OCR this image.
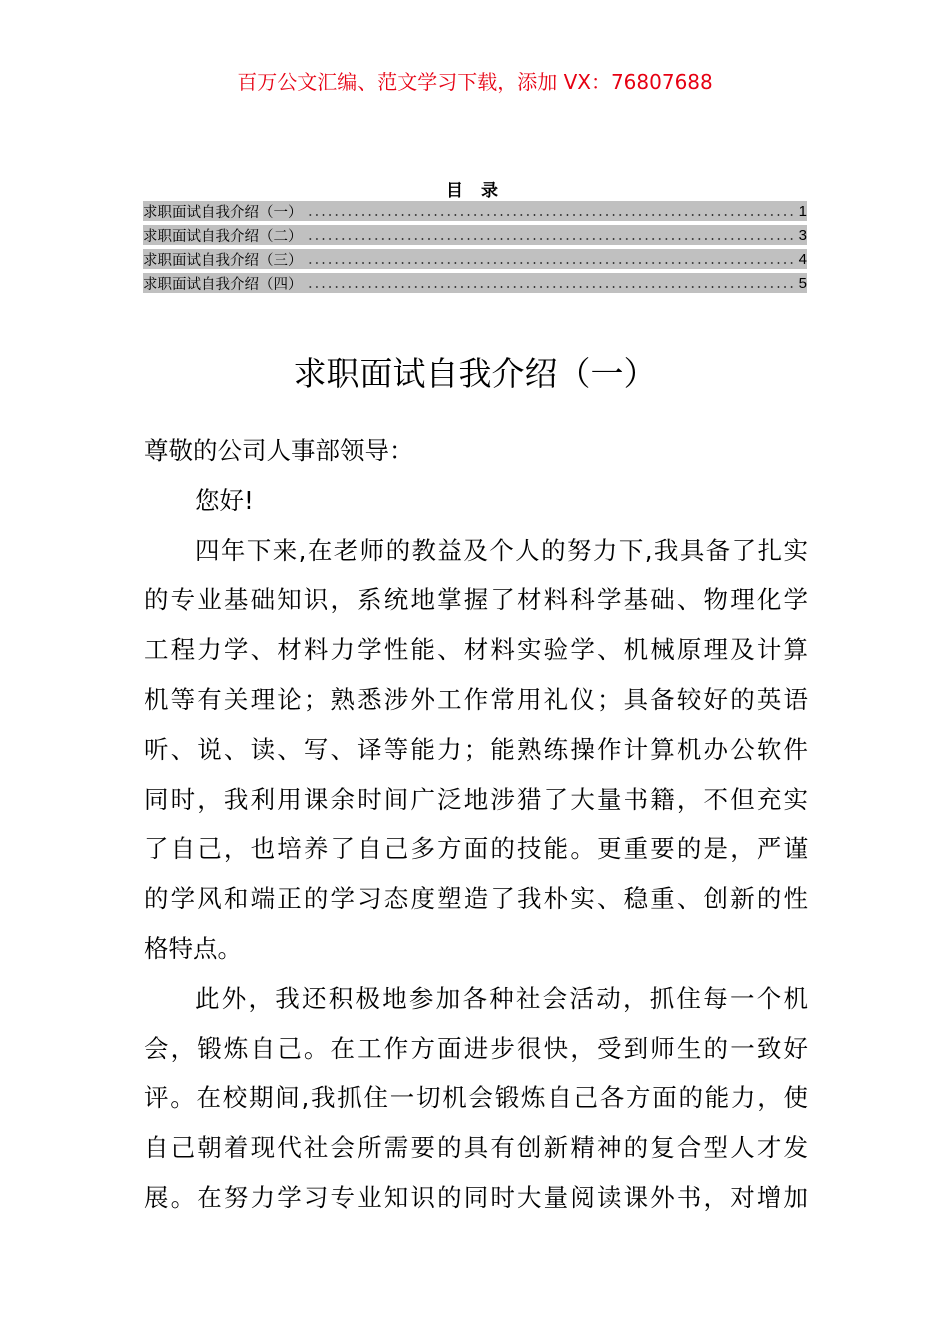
百万公文汇编、范文学习下载，添加 VX：76807688
目 录
求职面试自我介绍（一）	1
求职面试自我介绍（二）	3
求职面试自我介绍（三）	4
求职面试自我介绍（四）	5
求职面试自我介绍（一）
尊敬的公司人事部领导：
您好!
四年下来,在老师的教益及个人的努力下,我具备了扎实
的专业基础知识，系统地掌握了材料科学基础、物理化学
工程力学、材料力学性能、材料实验学、机械原理及计算
机等有关理论；熟悉涉外工作常用礼仪；具备较好的英语
听、说、读、写、译等能力；能熟练操作计算机办公软件
同时，我利用课余时间广泛地涉猎了大量书籍，不但充实
了自己，也培养了自己多方面的技能。更重要的是，严谨
的学风和端正的学习态度塑造了我朴实、稳重、创新的性
格特点。
此外，我还积极地参加各种社会活动，抓住每一个机
会，锻炼自己。在工作方面进步很快，受到师生的一致好
评。在校期间,我抓住一切机会锻炼自己各方面的能力，使
自己朝着现代社会所需要的具有创新精神的复合型人才发
展。在努力学习专业知识的同时大量阅读课外书，对增加
